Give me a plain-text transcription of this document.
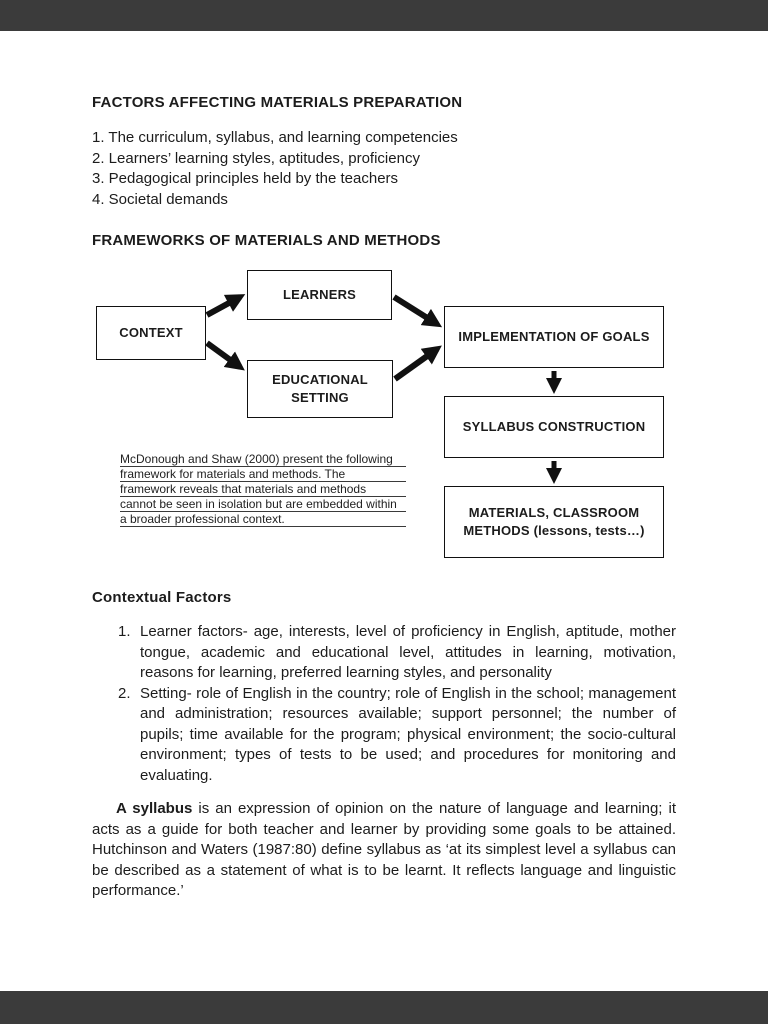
FACTORS AFFECTING MATERIALS PREPARATION
1. The curriculum, syllabus, and learning competencies
2. Learners’ learning styles, aptitudes, proficiency
3. Pedagogical principles held by the teachers
4. Societal demands
FRAMEWORKS OF MATERIALS AND METHODS
CONTEXT
LEARNERS
EDUCATIONAL SETTING
IMPLEMENTATION OF GOALS
SYLLABUS CONSTRUCTION
MATERIALS, CLASSROOM METHODS (lessons, tests…)
McDonough and Shaw (2000) present the following
framework for materials and methods. The
framework reveals that materials and methods
cannot be seen in isolation but are embedded within
a broader professional context.
Contextual Factors
1. Learner factors- age, interests, level of proficiency in English, aptitude, mother tongue, academic and educational level, attitudes in learning, motivation, reasons for learning, preferred learning styles, and personality
2. Setting- role of English in the country; role of English in the school; management and administration; resources available; support personnel; the number of pupils; time available for the program; physical environment; the socio-cultural environment; types of tests to be used; and procedures for monitoring and evaluating.

A syllabus is an expression of opinion on the nature of language and learning; it acts as a guide for both teacher and learner by providing some goals to be attained. Hutchinson and Waters (1987:80) define syllabus as ‘at its simplest level a syllabus can be described as a statement of what is to be learnt. It reflects language and linguistic performance.’
